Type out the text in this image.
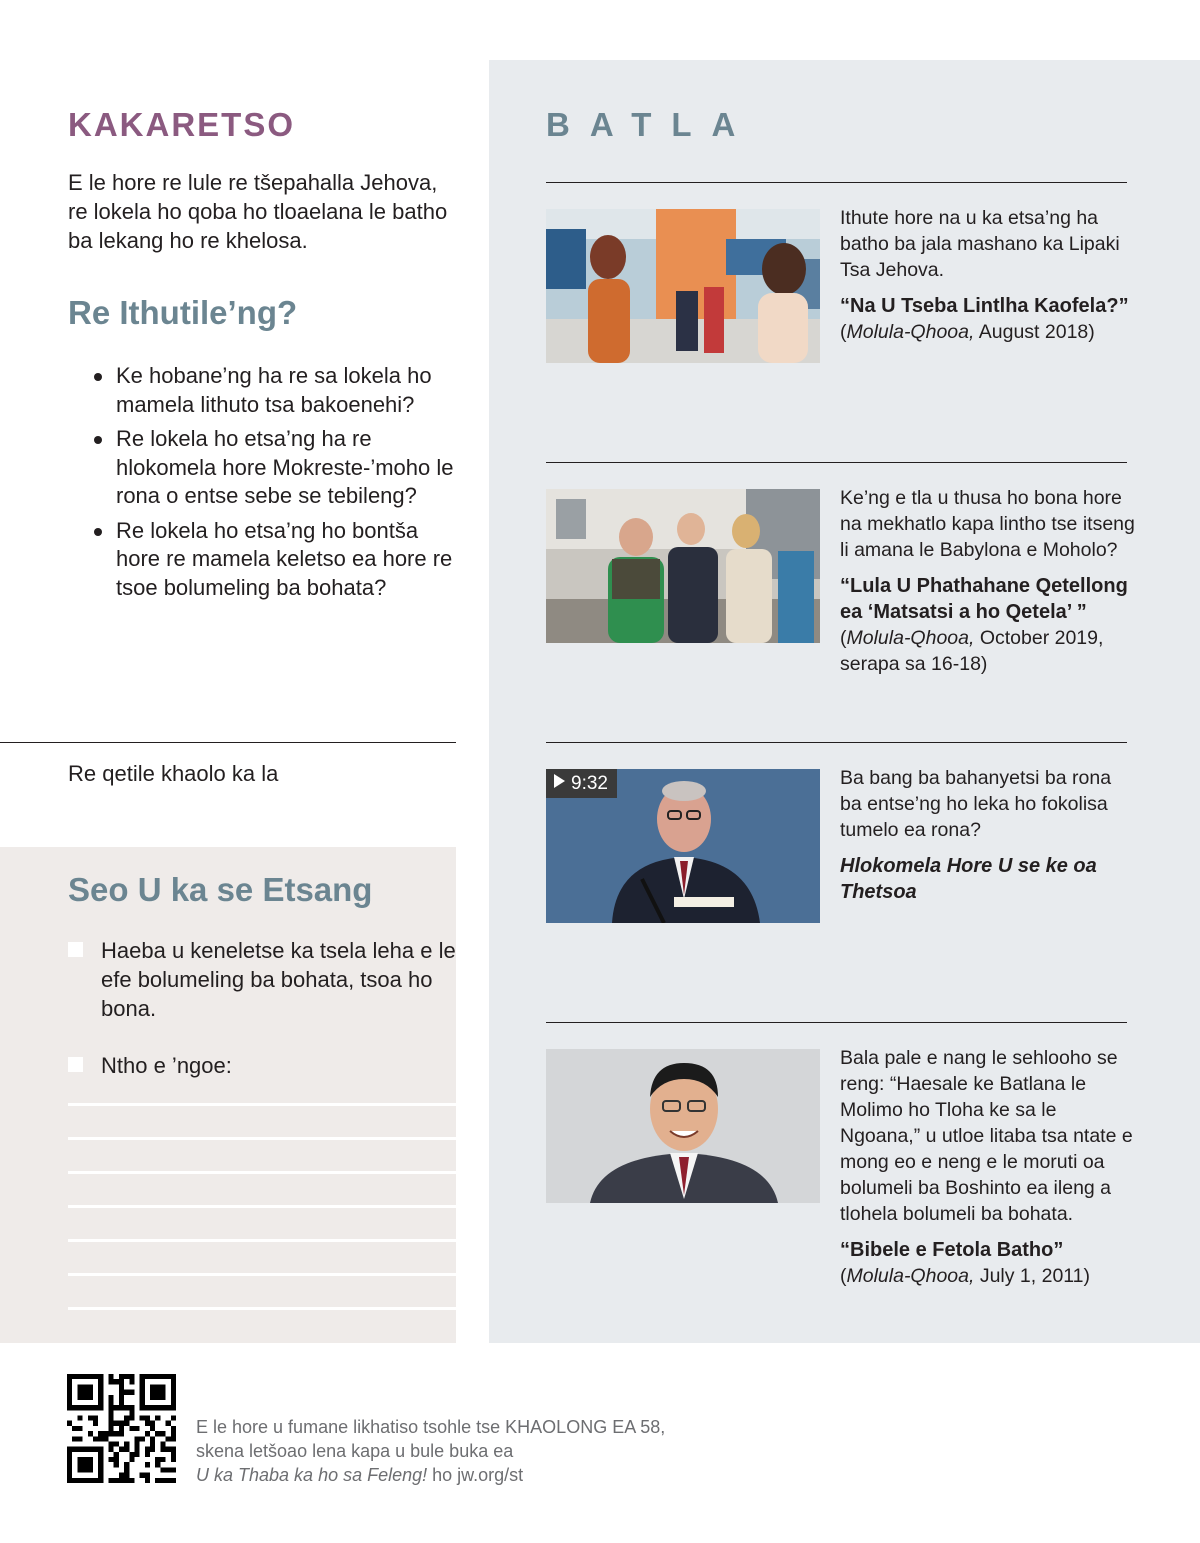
KAKARETSO

E le hore re lule re tšepahalla Jehova, re lokela ho qoba ho tloaelana le batho ba lekang ho re khelosa.

Re Ithutile’ng?
Ke hobane’ng ha re sa lokela ho mamela lithuto tsa bakoenehi?
Re lokela ho etsa’ng ha re hlokomela hore Mokreste-’moho le rona o entse sebe se tebileng?
Re lokela ho etsa’ng ho bontša hore re mamela keletso ea hore re tsoe bolumeling ba bohata?

Re qetile khaolo ka la

Seo U ka se Etsang
Haeba u keneletse ka tsela leha e le efe bolumeling ba bohata, tsoa ho bona.
Ntho e ’ngoe:
BATLA

Ithute hore na u ka etsa’ng ha batho ba jala mashano ka Lipaki Tsa Jehova.
“Na U Tseba Lintlha Kaofela?”
(Molula-Qhooa, August 2018)

Ke’ng e tla u thusa ho bona hore na mekhatlo kapa lintho tse itseng li amana le Babylona e Moholo?
“Lula U Phathahane Qetellong ea ‘Matsatsi a ho Qetela’ ”
(Molula-Qhooa, October 2019, serapa sa 16-18)

9:32	Ba bang ba bahanyetsi ba rona ba entse’ng ho leka ho fokolisa tumelo ea rona?
Hlokomela Hore U se ke oa Thetsoa

Bala pale e nang le sehlooho se reng: “Haesale ke Batlana le Molimo ho Tloha ke sa le Ngoana,” u utloe litaba tsa ntate e mong eo e neng e le moruti oa bolumeli ba Boshinto ea ileng a tlohela bolumeli ba bohata.
“Bibele e Fetola Batho”
(Molula-Qhooa, July 1, 2011)

E le hore u fumane likhatiso tsohle tse KHAOLONG EA 58,
skena letšoao lena kapa u bule buka ea
U ka Thaba ka ho sa Feleng! ho jw.org/st
